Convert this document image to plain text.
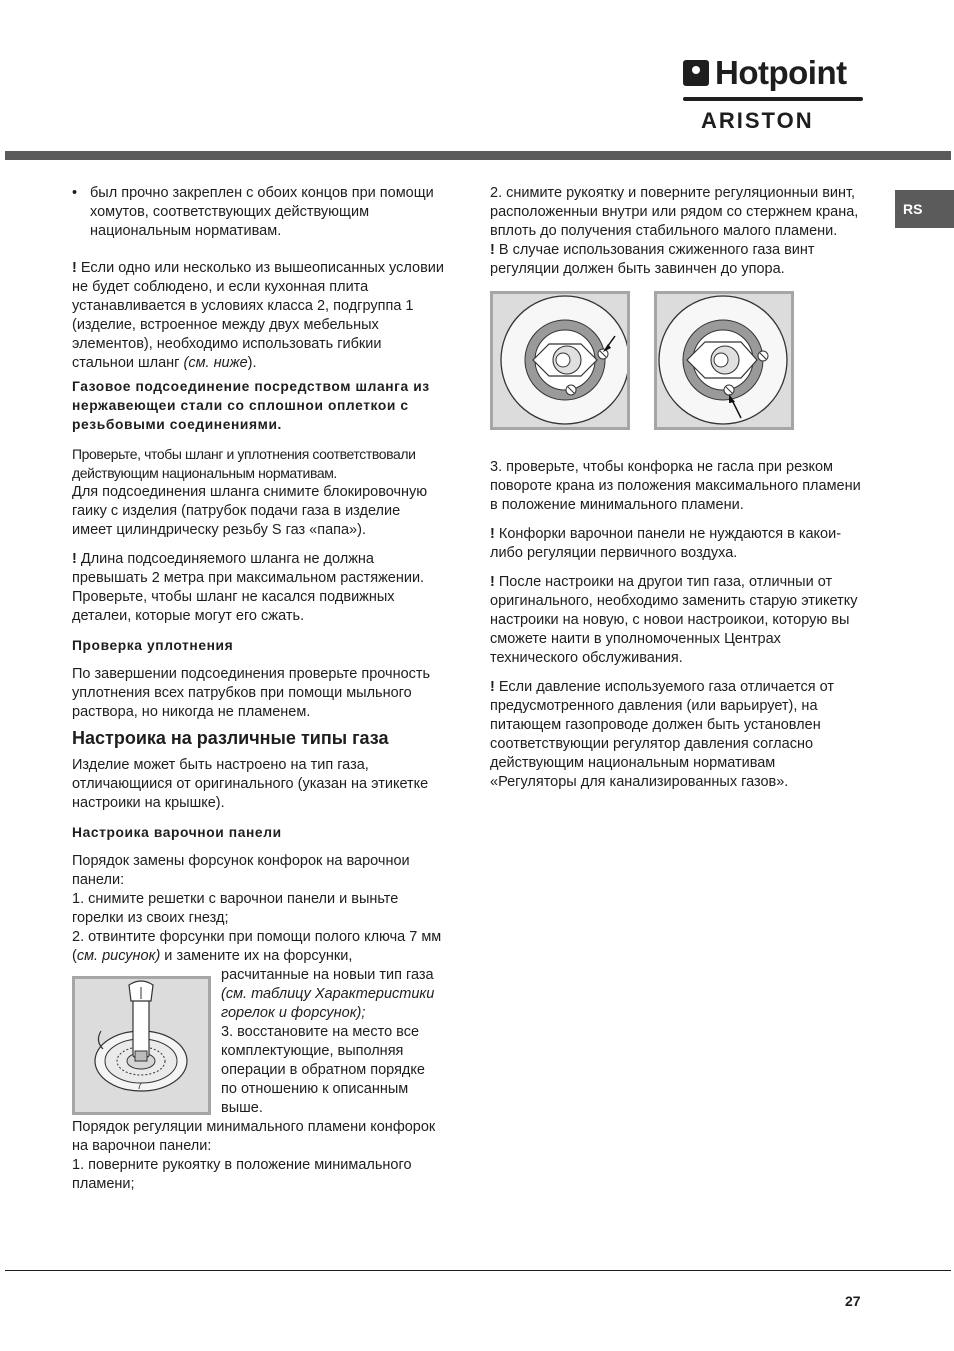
Hotpoint
ARISTON
RS

• был прочно закреплен с обоих концов при помощи хомутов, соответствующих действующим национальным нормативам.

! Если одно или несколько из вышеописанных условии не будет соблюдено, и если кухонная плита устанавливается в условиях класса 2, подгруппа 1 (изделие, встроенное между двух мебельных элементов), необходимо использовать гибкии стальнои шланг (см. ниже).

Газовое подсоединение посредством шланга из нержавеющеи стали со сплошнои оплеткои с резьбовыми соединениями.

Проверьте, чтобы шланг и уплотнения соответствовали действующим национальным нормативам.

Для подсоединения шланга снимите блокировочную гаику с изделия (патрубок подачи газа в изделие имеет цилиндрическу резьбу S газ «папа»).

! Длина подсоединяемого шланга не должна превышать 2 метра при максимальном растяжении. Проверьте, чтобы шланг не касался подвижных деталеи, которые могут его сжать.

Проверка уплотнения

По завершении подсоединения проверьте прочность уплотнения всех патрубков при помощи мыльного раствора, но никогда не пламенем.

Настроика на различные типы газа

Изделие может быть настроено на тип газа, отличающиися от оригинального (указан на этикетке настроики на крышке).

Настроика варочнои панели

Порядок замены форсунок конфорок на варочнои панели:

1. снимите решетки с варочнои панели и выньте горелки из своих гнезд;

2. отвинтите форсунки при помощи полого ключа 7 мм (см. рисунок) и замените их на форсунки,

7

расчитанные на новыи тип газа (см. таблицу Характеристики горелок и форсунок);

3. восстановите на место все комплектующие, выполняя операции в обратном порядке по отношению к описанным выше.

Порядок регуляции минимального пламени конфорок на варочнои панели:

1. поверните рукоятку в положение минимального пламени;

2. снимите рукоятку и поверните регуляционныи винт, расположенныи внутри или рядом со стержнем крана, вплоть до получения стабильного малого пламени.

! В случае использования сжиженного газа винт регуляции должен быть завинчен до упора.

3. проверьте, чтобы конфорка не гасла при резком повороте крана из положения максимального пламени в положение минимального пламени.

! Конфорки варочнои панели не нуждаются в какои-либо регуляции первичного воздуха.

! После настроики на другои тип газа, отличныи от оригинального, необходимо заменить старую этикетку настроики на новую, с новои настроикои, которую вы сможете наити в уполномоченных Центрах технического обслуживания.

! Если давление используемого газа отличается от предусмотренного давления (или варьирует), на питающем газопроводе должен быть установлен соответствующии регулятор давления согласно действующим национальным нормативам «Регуляторы для канализированных газов».

27
